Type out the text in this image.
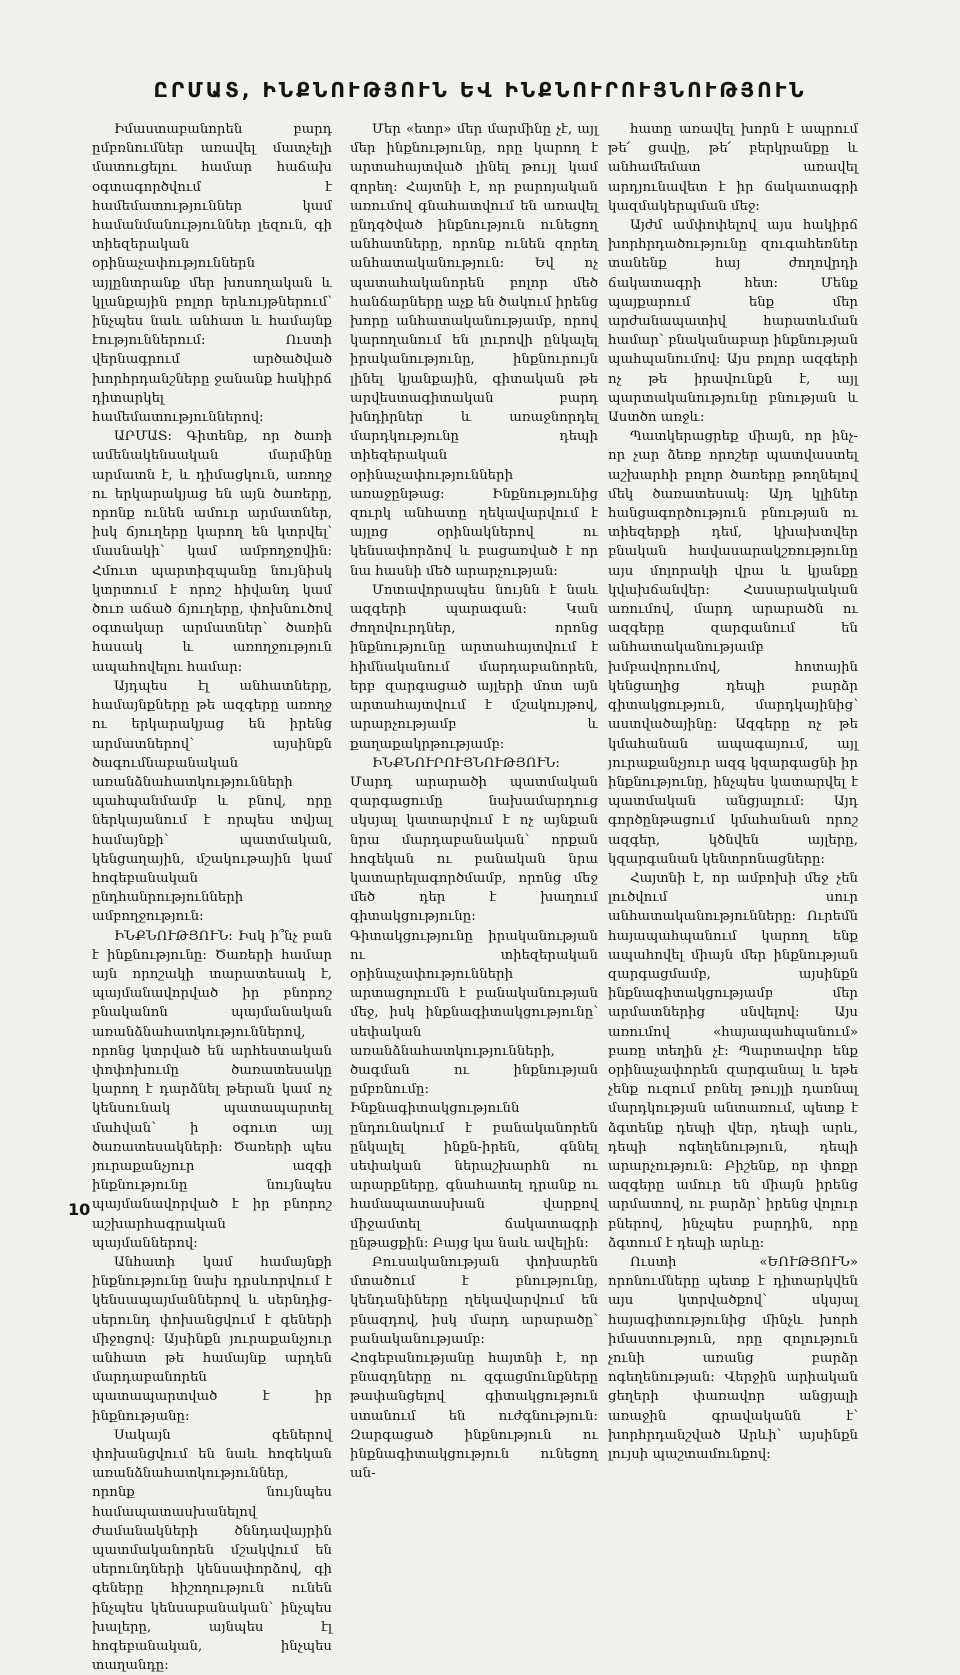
ԸՐՄԱՏ, ԻՆՔՆՈՒԹՅՈՒՆ ԵՎ ԻՆՔՆՈՒՐՈՒՅՆՈՒԹՅՈՒՆ

Իմաստաբանորեն բարդ ըմբռնումներ առավել մատչելի մատուցելու համար հաճախ օգտագործվում է համեմատություններ կամ համանմանություններ լեզուն, գի տիեզերական օրինաչափություններն այլընտրանք մեր խոսողական և կլանքային բոլոր երևույթներում՝ ինչպես նաև անհատ և համայնք էություններում։ Ուստի վերնագրում արծածված խորհրդանշները ջանանք հակիրճ դիտարկել համեմատություններով։

ԱՐՄԱՏ։ Գիտենք, որ ծառի ամենակենսական մարմինը արմատն է, և դիմացկուն, առողջ ու երկարակյաց են այն ծառերը, որոնք ունեն ամուր արմատներ, իսկ ճյուղերը կարող են կտրվել՝ մասնակի՝ կամ ամբողջովին։ Հմուտ պարտիզպանը նույնիսկ կտրտում է որոշ հիվանդ կամ ծուռ աճած ճյուղերը, փոխնուծով օգտակար արմատներ՝ ծառին հասակ և առողջություն ապահովելու համար։

Այդպես էլ անհատները, համայնքները թե ազգերը առողջ ու երկարակյաց են իրենց արմատներով՝ այսինքն ծագումնաբանական առանձնահատկությունների պահպանմամբ և բնով, որը ներկայանում է որպես տվյալ համայնքի՝ պատմական, կենցաղային, մշակութային կամ հոգեբանական ընդհանրությունների ամբողջություն։

ԻՆՔՆՈՒԹՅՈՒՆ։ Իսկ ի՞նչ բան է ինքնությունը։ Ծառերի համար այն որոշակի տարատեսակ է, պայմանավորված իր բնորոշ բնականոն պայմանական առանձնահատկություններով, որոնց կտրված են արհեստական փոփոխումը ծառատեսակը կարող է դարձնել թերան կամ ոչ կենսունակ պատապարտել մահվան՝ ի օգուտ այլ ծառատեսակների։ Ծառերի պես յուրաքանչյուր ազգի ինքնությունը նույնպես պայմանավորված է իր բնորոշ աշխարհագրական պայմաններով։

Անհատի կամ համայնքի ինքնությունը նախ դրսևորվում է կենսապայմաններով և սերնդից-սերունդ փոխանցվում է գեների միջոցով։ Այսինքն յուրաքանչյուր անհատ թե համայնք արդեն մարդաբանորեն պատապարտված է իր ինքնությանը։

Սակայն գեներով փոխանցվում են նաև հոգեկան առանձնահատկություններ, որոնք նույնպես համապատասխանելով ժամանակների ծննդավայրին պատմականորեն մշակվում են սերունդների կենսափորձով, գի գեները հիշողություն ունեն ինչպես կենսաբանական՝ ինչպես խալերը, այնպես էլ հոգեբանական, ինչպես տաղանդը։

Մեր «ետր» մեր մարմինը չէ, այլ մեր ինքնությունը, որը կարող է արտահայտված լինել թույլ կամ զորեղ։ Հայտնի է, որ բարոյական առումով գնահատվում են առավել ընդգծված ինքնություն ունեցող անհատները, որոնք ունեն զորեղ անհատականություն։ Եվ ոչ պատահականորեն բոլոր մեծ հանճարները աչք են ծակում իրենց խորը անհատականությամբ, որով կարողանում են լուրովի ընկալել իրականությունը, ինքնուրույն լինել կյանքային, գիտական թե արվեստագիտական բարդ խնդիրներ և առաջնորդել մարդկությունը դեպի տիեզերական օրինաչափությունների առաջընթաց։ Ինքնությունից զուրկ անհատը ղեկավարվում է այլոց օրինակներով ու կենսափորձով և բացառված է որ նա հասնի մեծ արարչության։

Մոտավորապես նույնն է նաև ազգերի պարագան։ Կան ժողովուրդներ, որոնց ինքնությունը արտահայտվում է հիմնականում մարդաբանորեն, երբ զարգացած այլերի մոտ այն արտահայտվում է մշակույթով, արարչությամբ և քաղաքակրթությամբ։

ԻՆՔՆՈՒՐՈՒՅՆՈՒԹՅՈՒՆ։ Մարդ արարածի պատմական զարգացումը նախամարդուց սկսյալ կատարվում է ոչ այնքան նրա մարդաբանական՝ որքան հոգեկան ու բանական նրա կատարելագործմամբ, որոնց մեջ մեծ դեր է խաղում գիտակցությունը։ Գիտակցությունը իրականության ու տիեզերական օրինաչափությունների արտացոլումն է բանականության մեջ, իսկ ինքնագիտակցությունը՝ սեփական առանձնահատկությունների, ծագման ու ինքնության ըմբռնումը։ Ինքնագիտակցությունն ընդունակում է բանականորեն ընկալել ինքն-իրեն, գննել սեփական ներաշխարհն ու արարքները, գնահատել դրանք ու համապատասխան վարքով միջամտել ճակատագրի ընթացքին։ Բայց կա նաև ավելին։

Բուսականության փոխարեն մտածում է բնությունը, կենդանիները ղեկավարվում են բնազդով, իսկ մարդ արարածը՝ բանականությամբ։ Հոգեբանությանը հայտնի է, որ բնազդները ու զգացմունքները թափանցելով գիտակցություն ստանում են ուժգնություն։ Զարգացած ինքնություն ու ինքնագիտակցություն ունեցող ան-

հատը առավել խորն է ապրում թե՛ ցավը, թե՛ բերկրանքը և անհամեմատ առավել արդյունավետ է իր ճակատագրի կազմակերպման մեջ։

Այժմ ամփոփելով այս հակիրճ խորհրդածությունը զուգահեռներ տանենք հայ ժողովրդի ճակատագրի հետ։ Մենք պայքարում ենք մեր արժանապատիվ հարատևման համար՝ բնականաբար ինքնության պահպանումով։ Այս բոլոր ազգերի ոչ թե իրավունքն է, այլ պարտականությունը բնության և Աստծո առջև։

Պատկերացրեք միայն, որ ինչ-որ չար ձեռք որոշեր պատվաստել աշխարհի բոլոր ծառերը թողնելով մեկ ծառատեսակ։ Այդ կլիներ հանցագործություն բնության ու տիեզերքի դեմ, կխախտվեր բնական հավասարակշռությունը այս մոլորակի վրա և կյանքը կվախճանվեր։ Հասարակական առումով, մարդ արարածն ու ազգերը զարգանում են անհատականությամբ խմբավորումով, հոտային կենցաղից դեպի բարձր գիտակցություն, մարդկայինից՝ աստվածայինը։ Ազգերը ոչ թե կմահանան ապագայում, այլ յուրաքանչյուր ազգ կզարգացնի իր ինքնությունը, ինչպես կատարվել է պատմական անցյալում։ Այդ գործընթացում կմահանան որոշ ազգեր, կծնվեն այլերը, կզարգանան կենտրոնացները։

Հայտնի է, որ ամբոխի մեջ չեն լուծվում սուր անհատականությունները։ Ուրեմն հայապահպանում կարող ենք ապահովել միայն մեր ինքնության զարգացմամբ, այսինքն ինքնագիտակցությամբ մեր արմատներից սնվելով։ Այս առումով «հայապահպանում» բառը տեղին չէ։ Պարտավոր ենք օրինաչափորեն զարգանալ և եթե չենք ուզում բռնել թույլի դառնալ մարդկության անտառում, պետք է ձգտենք դեպի վեր, դեպի արև, դեպի ոգեղենություն, դեպի արարչություն։ Բիշենք, որ փոքր ազգերը ամուր են միայն իրենց արմատով, ու բարձր՝ իրենց վոլուր բներով, ինչպես բարդին, որը ձգտում է դեպի արևը։

Ուստի «ԵՈՒԹՅՈՒՆ» որոնումները պետք է դիտարկվեն այս կտրվածքով՝ սկսյալ հայագիտությունից մինչև խորհ իմաստություն, որը զոլություն չունի առանց բարձր ոգեղենության։ Վերջին արիական ցեղերի փառավոր անցյալի առաջին գրավականն է՝ խորհրդանշված Արևի՝ այսինքն լույսի պաշտամունքով։

10
